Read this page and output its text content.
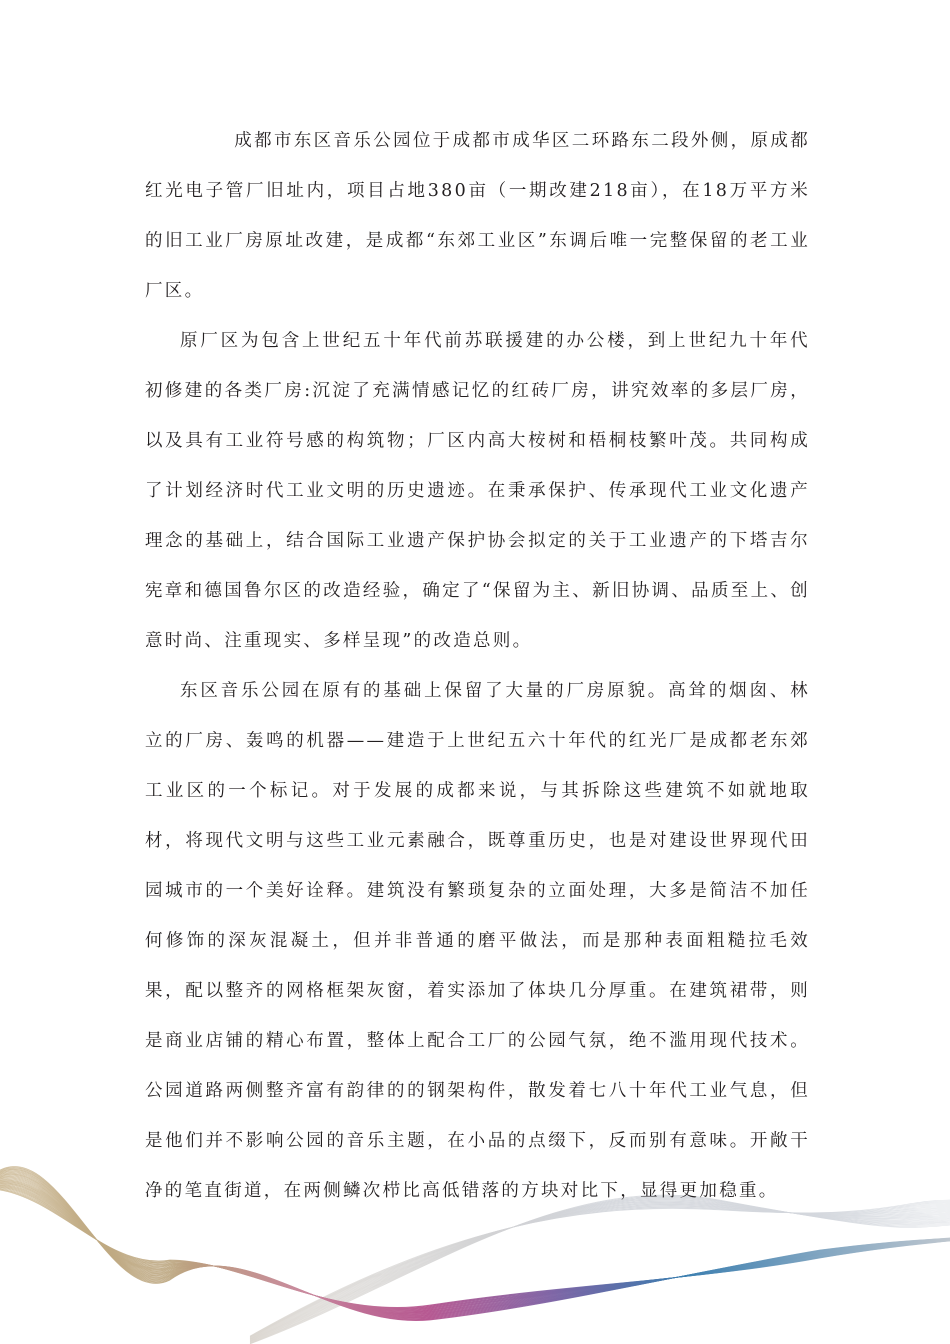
成都市东区音乐公园位于成都市成华区二环路东二段外侧，原成都红光电子管厂旧址内，项目占地380亩（一期改建218亩），在18万平方米的旧工业厂房原址改建，是成都“东郊工业区”东调后唯一完整保留的老工业厂区。

原厂区为包含上世纪五十年代前苏联援建的办公楼，到上世纪九十年代初修建的各类厂房:沉淀了充满情感记忆的红砖厂房，讲究效率的多层厂房，以及具有工业符号感的构筑物；厂区内高大桉树和梧桐枝繁叶茂。共同构成了计划经济时代工业文明的历史遗迹。在秉承保护、传承现代工业文化遗产理念的基础上，结合国际工业遗产保护协会拟定的关于工业遗产的下塔吉尔宪章和德国鲁尔区的改造经验，确定了“保留为主、新旧协调、品质至上、创意时尚、注重现实、多样呈现”的改造总则。

东区音乐公园在原有的基础上保留了大量的厂房原貌。高耸的烟囱、林立的厂房、轰鸣的机器——建造于上世纪五六十年代的红光厂是成都老东郊工业区的一个标记。对于发展的成都来说，与其拆除这些建筑不如就地取材，将现代文明与这些工业元素融合，既尊重历史，也是对建设世界现代田园城市的一个美好诠释。建筑没有繁琐复杂的立面处理，大多是简洁不加任何修饰的深灰混凝土，但并非普通的磨平做法，而是那种表面粗糙拉毛效果，配以整齐的网格框架灰窗，着实添加了体块几分厚重。在建筑裙带，则是商业店铺的精心布置，整体上配合工厂的公园气氛，绝不滥用现代技术。公园道路两侧整齐富有韵律的的钢架构件，散发着七八十年代工业气息，但是他们并不影响公园的音乐主题，在小品的点缀下，反而别有意味。开敞干净的笔直街道，在两侧鳞次栉比高低错落的方块对比下，显得更加稳重。
